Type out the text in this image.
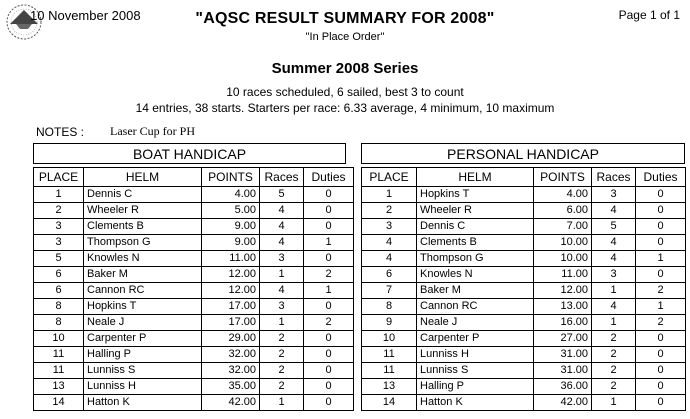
10 November 2008	"AQSC RESULT SUMMARY FOR 2008"
"In Place Order"
Page 1 of 1
Summer 2008 Series
10 races scheduled, 6 sailed, best 3 to count
14 entries, 38 starts. Starters per race: 6.33 average, 4 minimum, 10 maximum
NOTES : Laser Cup for PH
BOAT HANDICAP	PERSONAL HANDICAP
PLACE	HELM	POINTS	Races	Duties
1	Dennis C	4.00	5	0
2	Wheeler R	5.00	4	0
3	Clements B	9.00	4	0
3	Thompson G	9.00	4	1
5	Knowles N	11.00	3	0
6	Baker M	12.00	1	2
6	Cannon RC	12.00	4	1
8	Hopkins T	17.00	3	0
8	Neale J	17.00	1	2
10	Carpenter P	29.00	2	0
11	Halling P	32.00	2	0
11	Lunniss S	32.00	2	0
13	Lunniss H	35.00	2	0
14	Hatton K	42.00	1	0
PLACE	HELM	POINTS	Races	Duties
1	Hopkins T	4.00	3	0
2	Wheeler R	6.00	4	0
3	Dennis C	7.00	5	0
4	Clements B	10.00	4	0
4	Thompson G	10.00	4	1
6	Knowles N	11.00	3	0
7	Baker M	12.00	1	2
8	Cannon RC	13.00	4	1
9	Neale J	16.00	1	2
10	Carpenter P	27.00	2	0
11	Lunniss H	31.00	2	0
11	Lunniss S	31.00	2	0
13	Halling P	36.00	2	0
14	Hatton K	42.00	1	0
